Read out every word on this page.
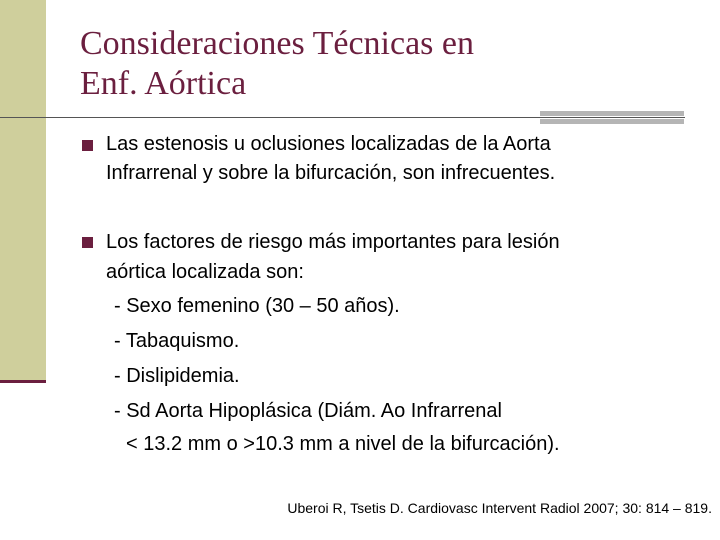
Consideraciones Técnicas en
Enf. Aórtica
Las estenosis u oclusiones localizadas de la Aorta
Infrarrenal y sobre la bifurcación, son infrecuentes.
Los factores de riesgo más importantes para lesión
aórtica localizada son:
- Sexo femenino (30 – 50 años).
- Tabaquismo.
- Dislipidemia.
- Sd Aorta Hipoplásica (Diám. Ao Infrarrenal
< 13.2 mm o >10.3 mm a nivel de la bifurcación).
Uberoi R, Tsetis D. Cardiovasc Intervent Radiol 2007; 30: 814 – 819.
